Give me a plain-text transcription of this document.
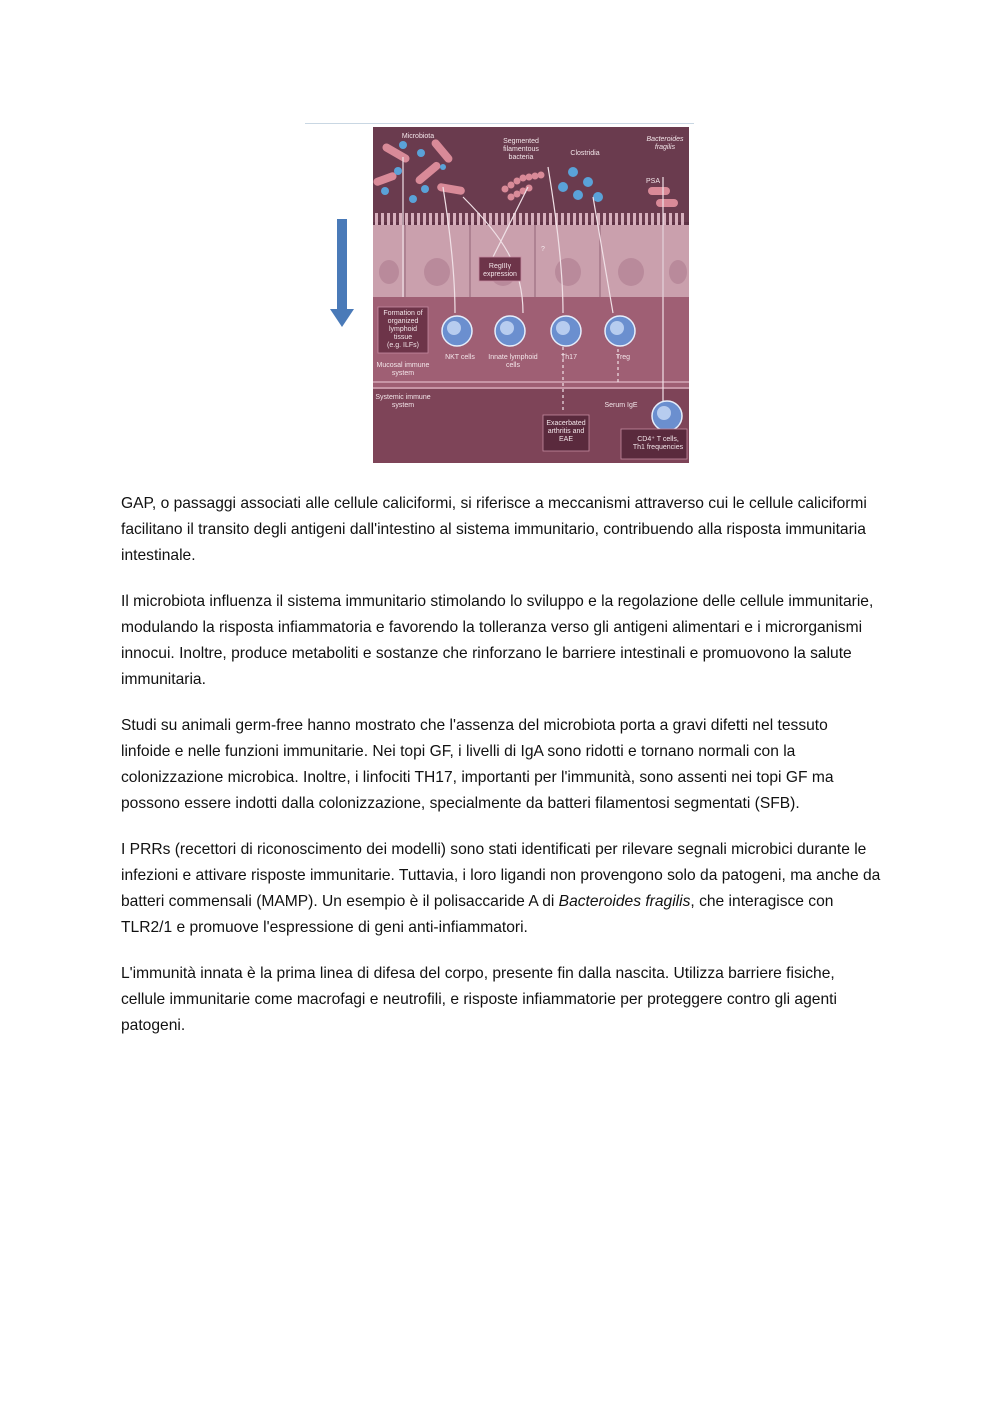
Microbiota
Segmented
filamentous
bacteria
Clostridia
Bacteroides
fragilis
PSA
?
RegIIIγ
expression
Formation of
organized
lymphoid
tissue
(e.g. ILFs)
NKT cells Innate lymphoid
cells
Th17	Treg
Mucosal immune
system
Systemic immune
system	Serum IgE
Exacerbated
arthritis and
EAE	CD4⁺ T cells,
Th1 frequencies

GAP, o passaggi associati alle cellule caliciformi, si riferisce a meccanismi attraverso cui le cellule caliciformi facilitano il transito degli antigeni dall'intestino al sistema immunitario, contribuendo alla risposta immunitaria intestinale.

Il microbiota influenza il sistema immunitario stimolando lo sviluppo e la regolazione delle cellule immunitarie, modulando la risposta infiammatoria e favorendo la tolleranza verso gli antigeni alimentari e i microrganismi innocui. Inoltre, produce metaboliti e sostanze che rinforzano le barriere intestinali e promuovono la salute immunitaria.

Studi su animali germ-free hanno mostrato che l'assenza del microbiota porta a gravi difetti nel tessuto linfoide e nelle funzioni immunitarie. Nei topi GF, i livelli di IgA sono ridotti e tornano normali con la colonizzazione microbica. Inoltre, i linfociti TH17, importanti per l'immunità, sono assenti nei topi GF ma possono essere indotti dalla colonizzazione, specialmente da batteri filamentosi segmentati (SFB).

I PRRs (recettori di riconoscimento dei modelli) sono stati identificati per rilevare segnali microbici durante le infezioni e attivare risposte immunitarie. Tuttavia, i loro ligandi non provengono solo da patogeni, ma anche da batteri commensali (MAMP). Un esempio è il polisaccaride A di Bacteroides fragilis, che interagisce con TLR2/1 e promuove l'espressione di geni anti-infiammatori.

L'immunità innata è la prima linea di difesa del corpo, presente fin dalla nascita. Utilizza barriere fisiche, cellule immunitarie come macrofagi e neutrofili, e risposte infiammatorie per proteggere contro gli agenti patogeni.
